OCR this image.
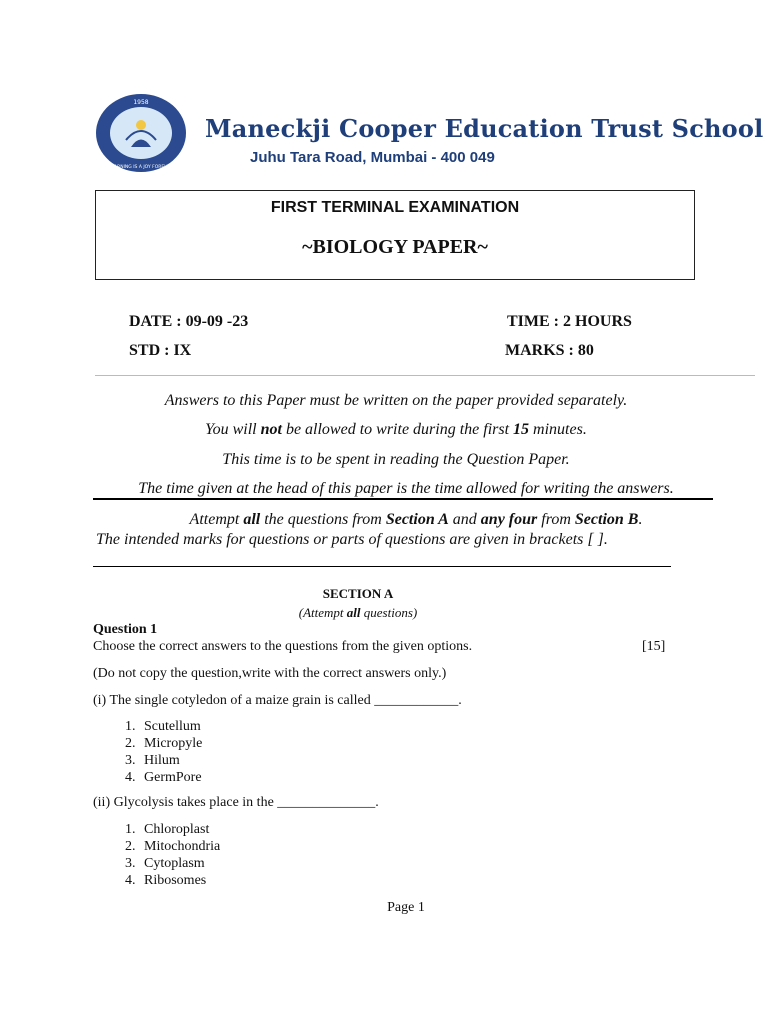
1958
LEARNING IS A JOY FOREVER
Maneckji Cooper Education Trust School
Juhu Tara Road, Mumbai - 400 049
FIRST TERMINAL EXAMINATION
~BIOLOGY PAPER~
DATE : 09-09 -23	TIME : 2 HOURS
STD : IX	MARKS : 80
Answers to this Paper must be written on the paper provided separately.
You will not be allowed to write during the first 15 minutes.
This time is to be spent in reading the Question Paper.
The time given at the head of this paper is the time allowed for writing the answers.
Attempt all the questions from Section A and any four from Section B.
The intended marks for questions or parts of questions are given in brackets [ ].
SECTION A
(Attempt all questions)
Question 1
Choose the correct answers to the questions from the given options.	[15]
(Do not copy the question,write with the correct answers only.)
(i) The single cotyledon of a maize grain is called ____________.
1. Scutellum
2. Micropyle
3. Hilum
4. GermPore
(ii) Glycolysis takes place in the ______________.
1. Chloroplast
2. Mitochondria
3. Cytoplasm
4. Ribosomes
Page 1
